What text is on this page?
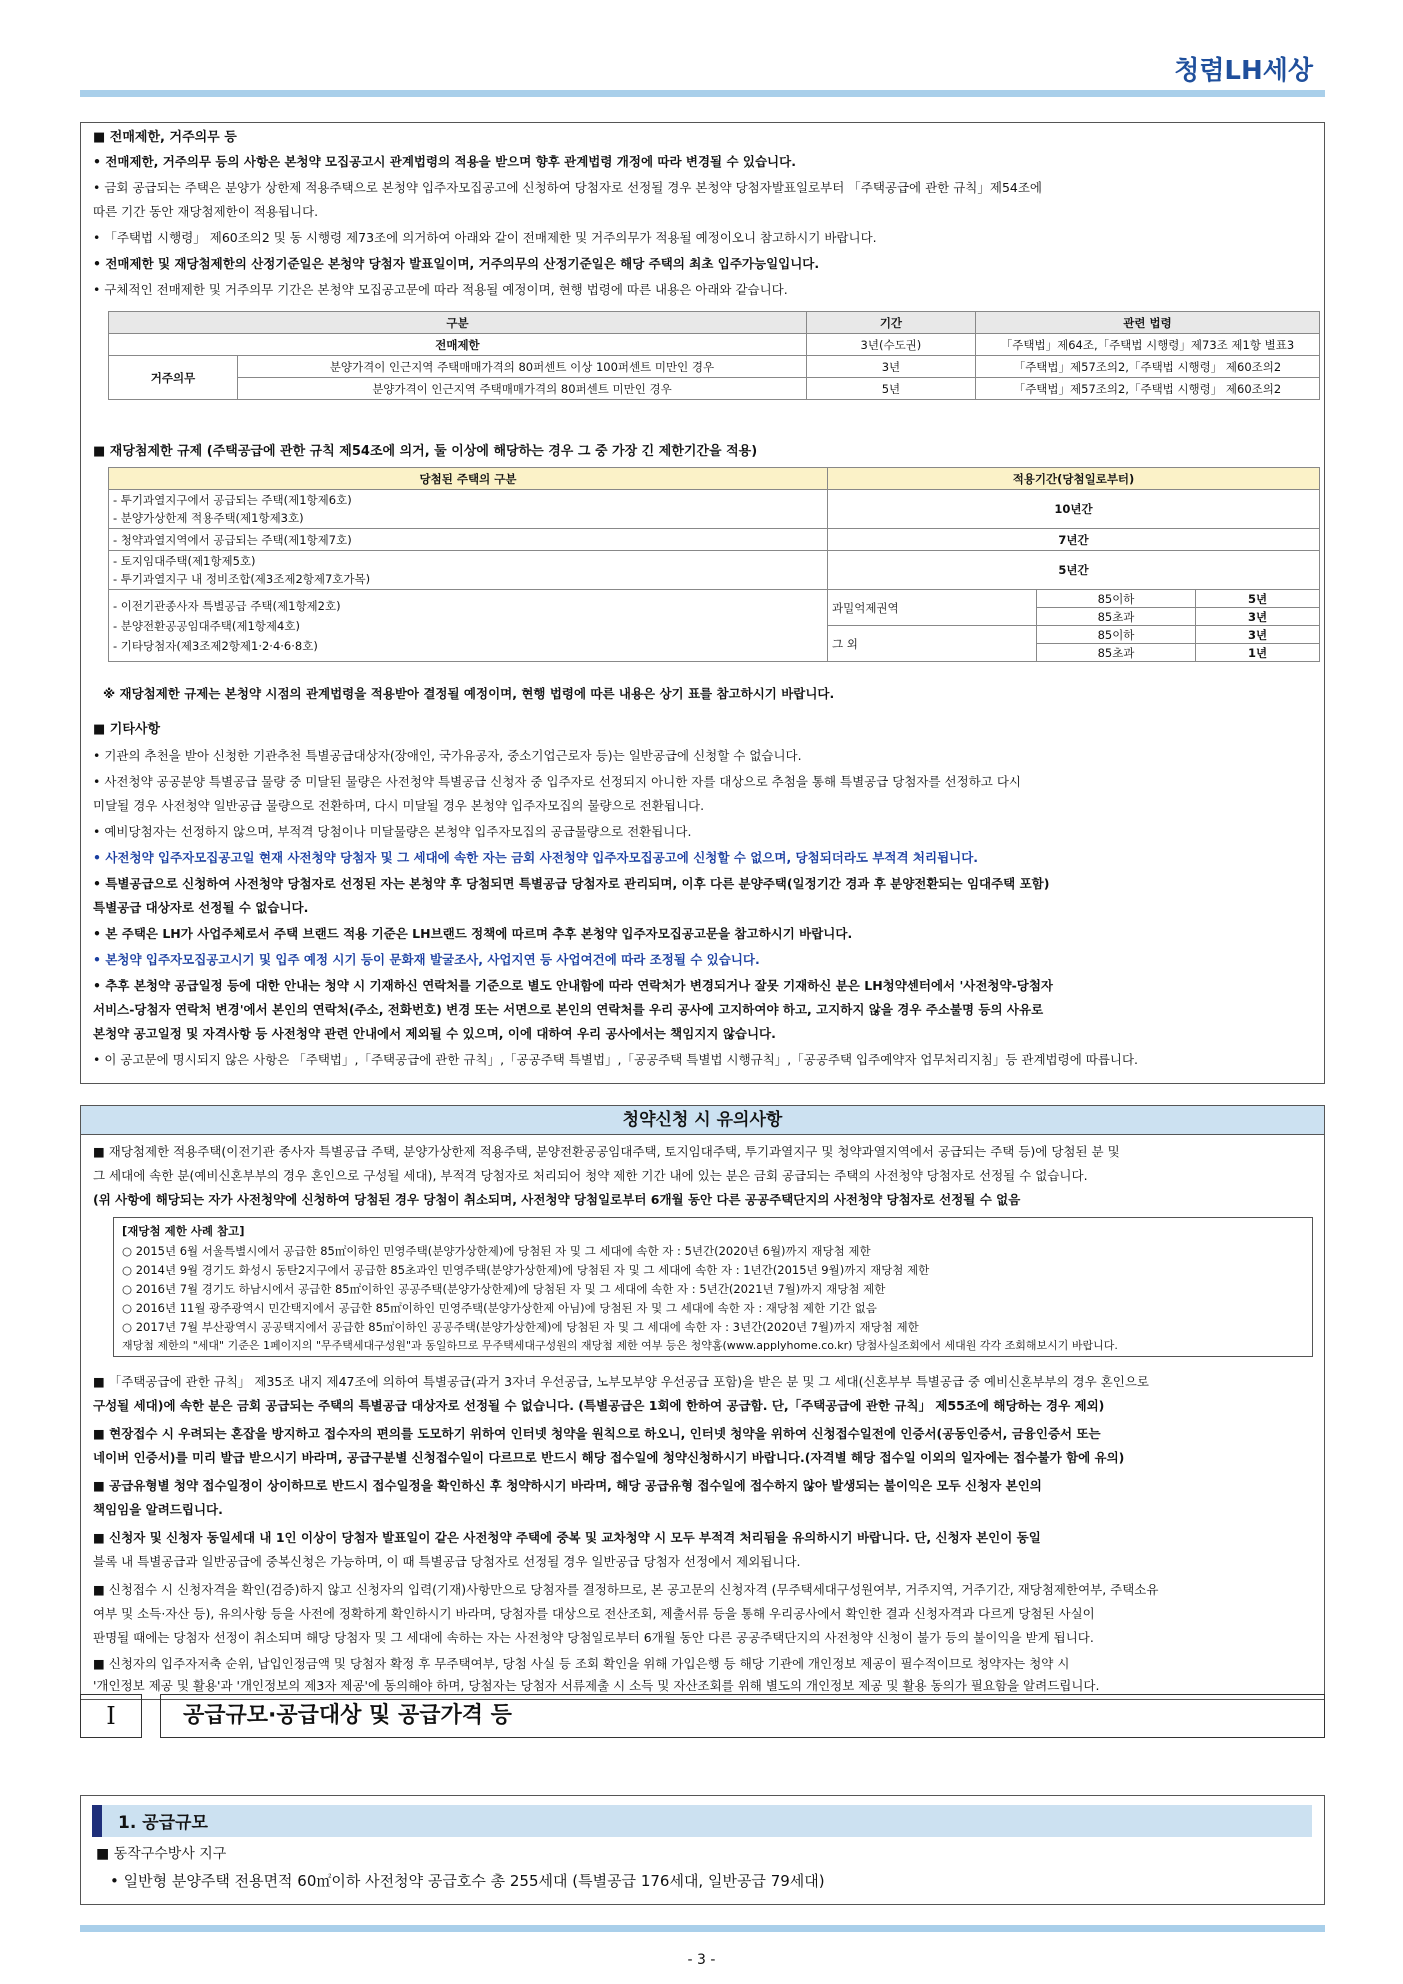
청렴LH세상
■ 전매제한, 거주의무 등
• 전매제한, 거주의무 등의 사항은 본청약 모집공고시 관계법령의 적용을 받으며 향후 관계법령 개정에 따라 변경될 수 있습니다.
• 금회 공급되는 주택은 분양가 상한제 적용주택으로 본청약 입주자모집공고에 신청하여 당첨자로 선정될 경우 본청약 당첨자발표일로부터 「주택공급에 관한 규칙」제54조에
따른 기간 동안 재당첨제한이 적용됩니다.
• 「주택법 시행령」 제60조의2 및 동 시행령 제73조에 의거하여 아래와 같이 전매제한 및 거주의무가 적용될 예정이오니 참고하시기 바랍니다.
• 전매제한 및 재당첨제한의 산정기준일은 본청약 당첨자 발표일이며, 거주의무의 산정기준일은 해당 주택의 최초 입주가능일입니다.
• 구체적인 전매제한 및 거주의무 기간은 본청약 모집공고문에 따라 적용될 예정이며, 현행 법령에 따른 내용은 아래와 같습니다.
구분		기간	관련 법령
전매제한		3년(수도권)	「주택법」제64조,「주택법 시행령」제73조 제1항 별표3
거주의무	분양가격이 인근지역 주택매매가격의 80퍼센트 이상 100퍼센트 미만인 경우	3년	「주택법」제57조의2,「주택법 시행령」 제60조의2
	분양가격이 인근지역 주택매매가격의 80퍼센트 미만인 경우	5년	「주택법」제57조의2,「주택법 시행령」 제60조의2
■ 재당첨제한 규제 (주택공급에 관한 규칙 제54조에 의거, 둘 이상에 해당하는 경우 그 중 가장 긴 제한기간을 적용)
당첨된 주택의 구분	적용기간(당첨일로부터)		

- 투기과열지구에서 공급되는 주택(제1항제6호)
- 분양가상한제 적용주택(제1항제3호)	10년간		
- 청약과열지역에서 공급되는 주택(제1항제7호)	7년간		

- 토지임대주택(제1항제5호)
- 투기과열지구 내 정비조합(제3조제2항제7호가목)	5년간		

- 이전기관종사자 특별공급 주택(제1항제2호)
- 분양전환공공임대주택(제1항제4호)
- 기타당첨자(제3조제2항제1·2·4·6·8호)	과밀억제권역	85이하	5년
		85초과	3년
	그 외	85이하	3년
		85초과	1년
※ 재당첨제한 규제는 본청약 시점의 관계법령을 적용받아 결정될 예정이며, 현행 법령에 따른 내용은 상기 표를 참고하시기 바랍니다.
■ 기타사항
• 기관의 추천을 받아 신청한 기관추천 특별공급대상자(장애인, 국가유공자, 중소기업근로자 등)는 일반공급에 신청할 수 없습니다.
• 사전청약 공공분양 특별공급 물량 중 미달된 물량은 사전청약 특별공급 신청자 중 입주자로 선정되지 아니한 자를 대상으로 추첨을 통해 특별공급 당첨자를 선정하고 다시
미달될 경우 사전청약 일반공급 물량으로 전환하며, 다시 미달될 경우 본청약 입주자모집의 물량으로 전환됩니다.
• 예비당첨자는 선정하지 않으며, 부적격 당첨이나 미달물량은 본청약 입주자모집의 공급물량으로 전환됩니다.
• 사전청약 입주자모집공고일 현재 사전청약 당첨자 및 그 세대에 속한 자는 금회 사전청약 입주자모집공고에 신청할 수 없으며, 당첨되더라도 부적격 처리됩니다.
• 특별공급으로 신청하여 사전청약 당첨자로 선정된 자는 본청약 후 당첨되면 특별공급 당첨자로 관리되며, 이후 다른 분양주택(일정기간 경과 후 분양전환되는 임대주택 포함)
특별공급 대상자로 선정될 수 없습니다.
• 본 주택은 LH가 사업주체로서 주택 브랜드 적용 기준은 LH브랜드 정책에 따르며 추후 본청약 입주자모집공고문을 참고하시기 바랍니다.
• 본청약 입주자모집공고시기 및 입주 예정 시기 등이 문화재 발굴조사, 사업지연 등 사업여건에 따라 조정될 수 있습니다.
• 추후 본청약 공급일정 등에 대한 안내는 청약 시 기재하신 연락처를 기준으로 별도 안내함에 따라 연락처가 변경되거나 잘못 기재하신 분은 LH청약센터에서 '사전청약-당첨자
서비스-당첨자 연락처 변경'에서 본인의 연락처(주소, 전화번호) 변경 또는 서면으로 본인의 연락처를 우리 공사에 고지하여야 하고, 고지하지 않을 경우 주소불명 등의 사유로
본청약 공고일정 및 자격사항 등 사전청약 관련 안내에서 제외될 수 있으며, 이에 대하여 우리 공사에서는 책임지지 않습니다.
• 이 공고문에 명시되지 않은 사항은 「주택법」,「주택공급에 관한 규칙」,「공공주택 특별법」,「공공주택 특별법 시행규칙」,「공공주택 입주예약자 업무처리지침」등 관계법령에 따릅니다.
청약신청 시 유의사항
■ 재당첨제한 적용주택(이전기관 종사자 특별공급 주택, 분양가상한제 적용주택, 분양전환공공임대주택, 토지임대주택, 투기과열지구 및 청약과열지역에서 공급되는 주택 등)에 당첨된 분 및
그 세대에 속한 분(예비신혼부부의 경우 혼인으로 구성될 세대), 부적격 당첨자로 처리되어 청약 제한 기간 내에 있는 분은 금회 공급되는 주택의 사전청약 당첨자로 선정될 수 없습니다.
(위 사항에 해당되는 자가 사전청약에 신청하여 당첨된 경우 당첨이 취소되며, 사전청약 당첨일로부터 6개월 동안 다른 공공주택단지의 사전청약 당첨자로 선정될 수 없음
[재당첨 제한 사례 참고]
○ 2015년 6월 서울특별시에서 공급한 85㎡이하인 민영주택(분양가상한제)에 당첨된 자 및 그 세대에 속한 자 : 5년간(2020년 6월)까지 재당첨 제한
○ 2014년 9월 경기도 화성시 동탄2지구에서 공급한 85초과인 민영주택(분양가상한제)에 당첨된 자 및 그 세대에 속한 자 : 1년간(2015년 9월)까지 재당첨 제한
○ 2016년 7월 경기도 하남시에서 공급한 85㎡이하인 공공주택(분양가상한제)에 당첨된 자 및 그 세대에 속한 자 : 5년간(2021년 7월)까지 재당첨 제한
○ 2016년 11월 광주광역시 민간택지에서 공급한 85㎡이하인 민영주택(분양가상한제 아님)에 당첨된 자 및 그 세대에 속한 자 : 재당첨 제한 기간 없음
○ 2017년 7월 부산광역시 공공택지에서 공급한 85㎡이하인 공공주택(분양가상한제)에 당첨된 자 및 그 세대에 속한 자 : 3년간(2020년 7월)까지 재당첨 제한
재당첨 제한의 "세대" 기준은 1페이지의 "무주택세대구성원"과 동일하므로 무주택세대구성원의 재당첨 제한 여부 등은 청약홈(www.applyhome.co.kr) 당첨사실조회에서 세대원 각각 조회해보시기 바랍니다.
■ 「주택공급에 관한 규칙」 제35조 내지 제47조에 의하여 특별공급(과거 3자녀 우선공급, 노부모부양 우선공급 포함)을 받은 분 및 그 세대(신혼부부 특별공급 중 예비신혼부부의 경우 혼인으로
구성될 세대)에 속한 분은 금회 공급되는 주택의 특별공급 대상자로 선정될 수 없습니다. (특별공급은 1회에 한하여 공급함. 단,「주택공급에 관한 규칙」 제55조에 해당하는 경우 제외)
■ 현장접수 시 우려되는 혼잡을 방지하고 접수자의 편의를 도모하기 위하여 인터넷 청약을 원칙으로 하오니, 인터넷 청약을 위하여 신청접수일전에 인증서(공동인증서, 금융인증서 또는
네이버 인증서)를 미리 발급 받으시기 바라며, 공급구분별 신청접수일이 다르므로 반드시 해당 접수일에 청약신청하시기 바랍니다.(자격별 해당 접수일 이외의 일자에는 접수불가 함에 유의)
■ 공급유형별 청약 접수일정이 상이하므로 반드시 접수일정을 확인하신 후 청약하시기 바라며, 해당 공급유형 접수일에 접수하지 않아 발생되는 불이익은 모두 신청자 본인의
책임임을 알려드립니다.
■ 신청자 및 신청자 동일세대 내 1인 이상이 당첨자 발표일이 같은 사전청약 주택에 중복 및 교차청약 시 모두 부적격 처리됨을 유의하시기 바랍니다. 단, 신청자 본인이 동일
블록 내 특별공급과 일반공급에 중복신청은 가능하며, 이 때 특별공급 당첨자로 선정될 경우 일반공급 당첨자 선정에서 제외됩니다.
■ 신청접수 시 신청자격을 확인(검증)하지 않고 신청자의 입력(기재)사항만으로 당첨자를 결정하므로, 본 공고문의 신청자격 (무주택세대구성원여부, 거주지역, 거주기간, 재당첨제한여부, 주택소유
여부 및 소득·자산 등), 유의사항 등을 사전에 정확하게 확인하시기 바라며, 당첨자를 대상으로 전산조회, 제출서류 등을 통해 우리공사에서 확인한 결과 신청자격과 다르게 당첨된 사실이
판명될 때에는 당첨자 선정이 취소되며 해당 당첨자 및 그 세대에 속하는 자는 사전청약 당첨일로부터 6개월 동안 다른 공공주택단지의 사전청약 신청이 불가 등의 불이익을 받게 됩니다.
■ 신청자의 입주자저축 순위, 납입인정금액 및 당첨자 확정 후 무주택여부, 당첨 사실 등 조회 확인을 위해 가입은행 등 해당 기관에 개인정보 제공이 필수적이므로 청약자는 청약 시
'개인정보 제공 및 활용'과 '개인정보의 제3자 제공'에 동의해야 하며, 당첨자는 당첨자 서류제출 시 소득 및 자산조회를 위해 별도의 개인정보 제공 및 활용 동의가 필요함을 알려드립니다.
I	공급규모·공급대상 및 공급가격 등
1. 공급규모
■ 동작구수방사 지구
• 일반형 분양주택 전용면적 60㎡이하 사전청약 공급호수 총 255세대 (특별공급 176세대, 일반공급 79세대)
- 3 -
